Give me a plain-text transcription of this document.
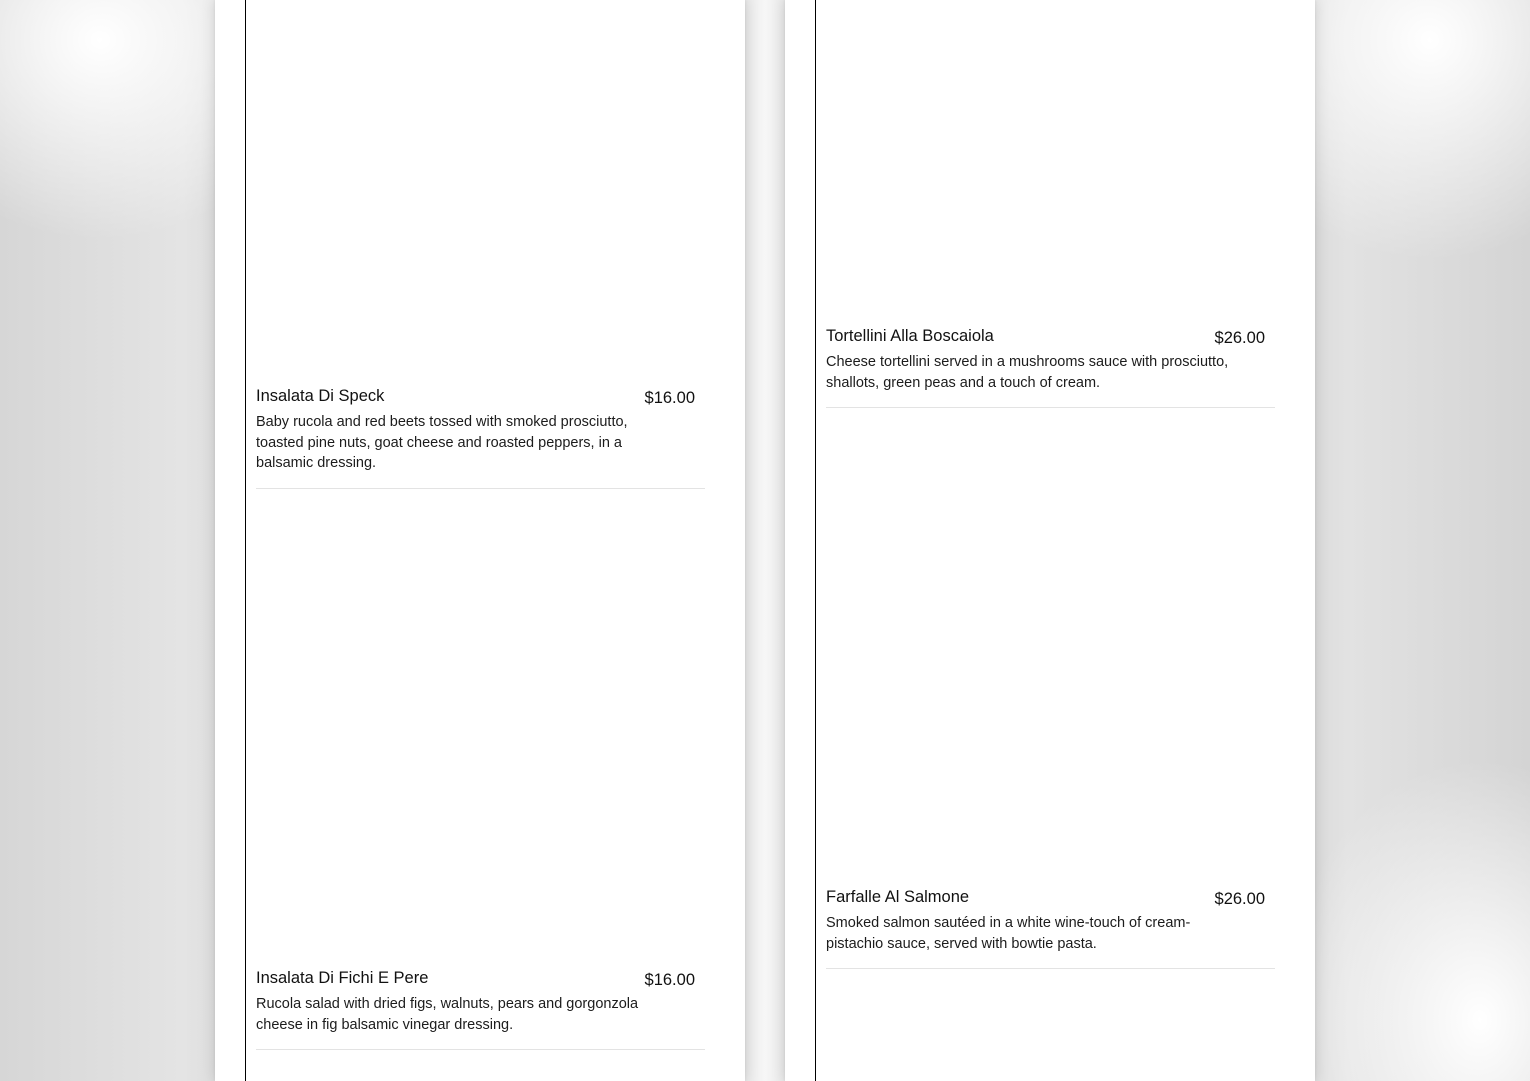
Insalata Di Speck	$16.00
Baby rucola and red beets tossed with smoked prosciutto, toasted pine nuts, goat cheese and roasted peppers, in a balsamic dressing.
Insalata Di Fichi E Pere	$16.00
Rucola salad with dried figs, walnuts, pears and gorgonzola cheese in fig balsamic vinegar dressing.
Tortellini Alla Boscaiola	$26.00
Cheese tortellini served in a mushrooms sauce with prosciutto, shallots, green peas and a touch of cream.
Farfalle Al Salmone	$26.00
Smoked salmon sautéed in a white wine-touch of cream-pistachio sauce, served with bowtie pasta.
